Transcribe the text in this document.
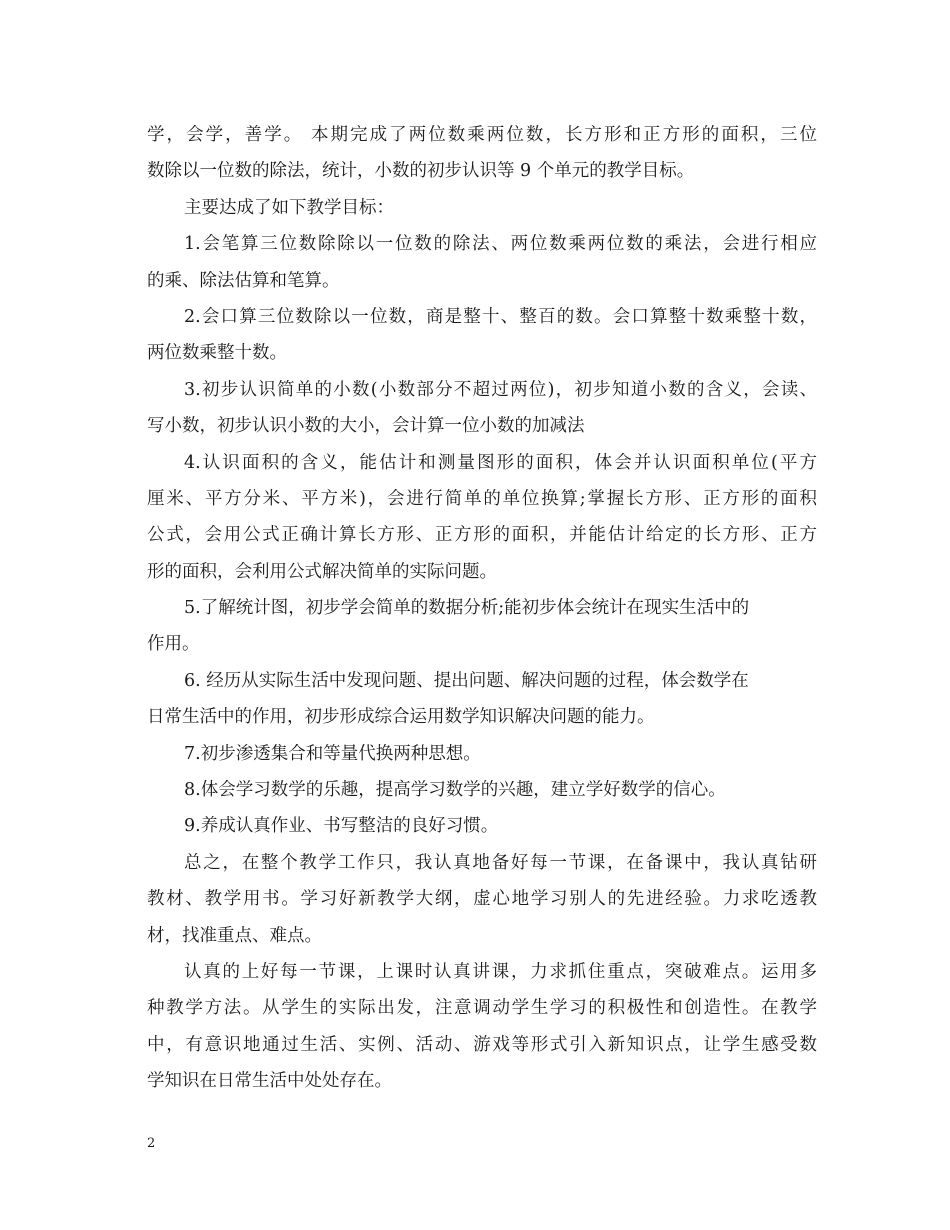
学，会学，善学。 本期完成了两位数乘两位数，长方形和正方形的面积，三位
数除以一位数的除法，统计，小数的初步认识等 9 个单元的教学目标。
主要达成了如下教学目标：
1.会笔算三位数除除以一位数的除法、两位数乘两位数的乘法，会进行相应
的乘、除法估算和笔算。
2.会口算三位数除以一位数，商是整十、整百的数。会口算整十数乘整十数，
两位数乘整十数。
3.初步认识简单的小数(小数部分不超过两位)，初步知道小数的含义，会读、
写小数，初步认识小数的大小，会计算一位小数的加减法
4.认识面积的含义，能估计和测量图形的面积，体会并认识面积单位(平方
厘米、平方分米、平方米)，会进行简单的单位换算;掌握长方形、正方形的面积
公式，会用公式正确计算长方形、正方形的面积，并能估计给定的长方形、正方
形的面积，会利用公式解决简单的实际问题。
5.了解统计图，初步学会简单的数据分析;能初步体会统计在现实生活中的
作用。
6. 经历从实际生活中发现问题、提出问题、解决问题的过程，体会数学在
日常生活中的作用，初步形成综合运用数学知识解决问题的能力。
7.初步渗透集合和等量代换两种思想。
8.体会学习数学的乐趣，提高学习数学的兴趣，建立学好数学的信心。
9.养成认真作业、书写整洁的良好习惯。
总之，在整个教学工作只，我认真地备好每一节课，在备课中，我认真钻研
教材、教学用书。学习好新教学大纲，虚心地学习别人的先进经验。力求吃透教
材，找准重点、难点。
认真的上好每一节课，上课时认真讲课，力求抓住重点，突破难点。运用多
种教学方法。从学生的实际出发，注意调动学生学习的积极性和创造性。在教学
中，有意识地通过生活、实例、活动、游戏等形式引入新知识点，让学生感受数
学知识在日常生活中处处存在。
2
